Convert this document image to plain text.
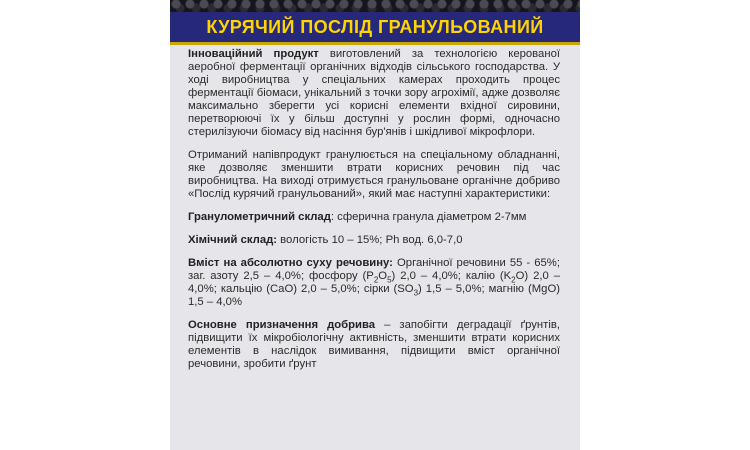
КУРЯЧИЙ ПОСЛІД ГРАНУЛЬОВАНИЙ

Інноваційний продукт виготовлений за технологією керованої аеробної ферментації органічних відходів сільського господарства. У ході виробництва у спеціальних камерах проходить процес ферментації біомаси, унікальний з точки зору агрохімії, адже дозволяє максимально зберегти усі корисні елементи вхідної сировини, перетворюючі їх у більш доступні у рослин формі, одночасно стерилізуючи біомасу від насіння бур'янів і шкідливої мікрофлори.

Отриманий напівпродукт гранулюється на спеціальному обладнанні, яке дозволяє зменшити втрати корисних речовин під час виробництва. На виході отримується гранульоване органічне добриво «Послід курячий гранульований», який має наступні характеристики:

Гранулометричний склад: сферична гранула діаметром 2-7мм

Хімічний склад: вологість 10 – 15%; Ph вод. 6,0-7,0

Вміст на абсолютно суху речовину: Органічної речовини 55 - 65%; заг. азоту 2,5 – 4,0%; фосфору $(P_2O_5)$ 2,0 – 4,0%; калію $(K_2O)$ 2,0 – 4,0%; кальцію (CaO) 2,0 – 5,0%; сірки $(SO_3)$ 1,5 – 5,0%; магнію (MgO) 1,5 – 4,0%

Основне призначення добрива – запобігти деградації ґрунтів, підвищити їх мікробіологічну активність, зменшити втрати корисних елементів в наслідок вимивання, підвищити вміст органічної речовини, зробити ґрунт
